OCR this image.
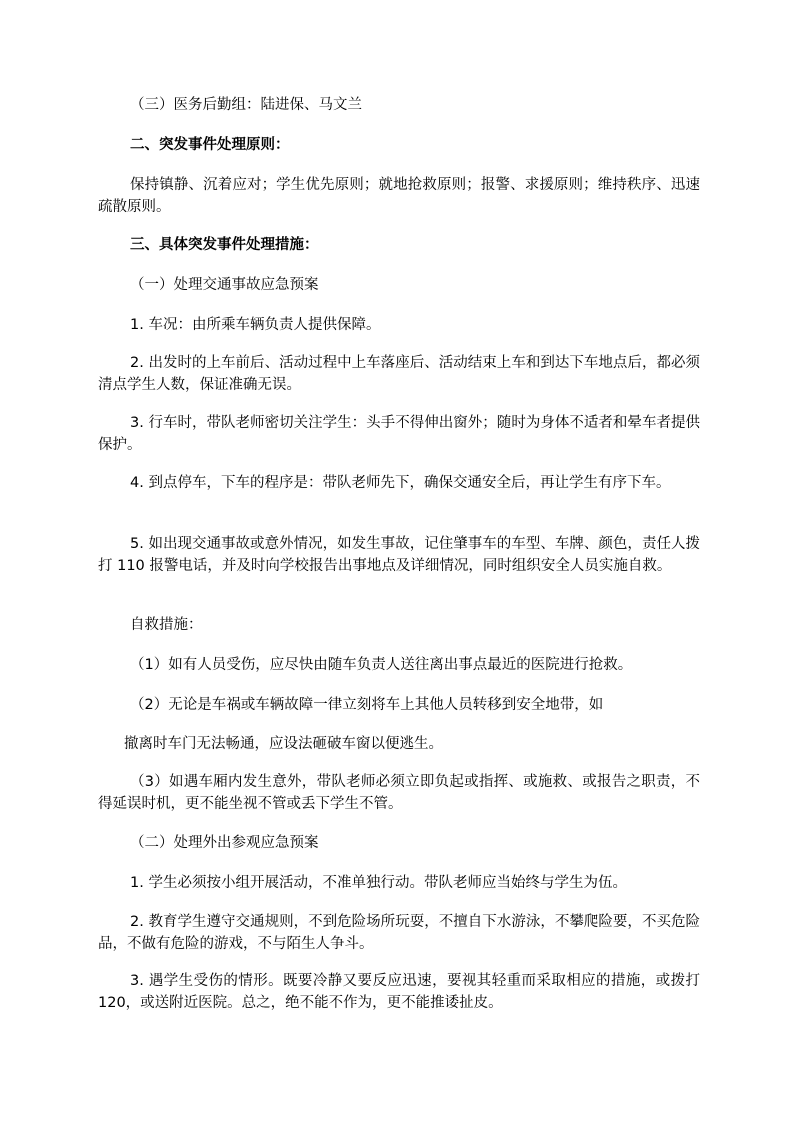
（三）医务后勤组：陆进保、马文兰

二、突发事件处理原则：

保持镇静、沉着应对；学生优先原则；就地抢救原则；报警、求援原则；维持秩序、迅速疏散原则。

三、具体突发事件处理措施：

（一）处理交通事故应急预案

1. 车况：由所乘车辆负责人提供保障。

2. 出发时的上车前后、活动过程中上车落座后、活动结束上车和到达下车地点后，都必须清点学生人数，保证准确无误。

3. 行车时，带队老师密切关注学生：头手不得伸出窗外；随时为身体不适者和晕车者提供保护。

4. 到点停车，下车的程序是：带队老师先下，确保交通安全后，再让学生有序下车。

5. 如出现交通事故或意外情况，如发生事故，记住肇事车的车型、车牌、颜色，责任人拨打 110 报警电话，并及时向学校报告出事地点及详细情况，同时组织安全人员实施自救。

自救措施：

（1）如有人员受伤，应尽快由随车负责人送往离出事点最近的医院进行抢救。

（2）无论是车祸或车辆故障一律立刻将车上其他人员转移到安全地带，如

撤离时车门无法畅通，应设法砸破车窗以便逃生。

（3）如遇车厢内发生意外，带队老师必须立即负起或指挥、或施救、或报告之职责，不得延误时机，更不能坐视不管或丢下学生不管。

（二）处理外出参观应急预案

1. 学生必须按小组开展活动，不准单独行动。带队老师应当始终与学生为伍。

2. 教育学生遵守交通规则，不到危险场所玩耍，不擅自下水游泳，不攀爬险要，不买危险品，不做有危险的游戏，不与陌生人争斗。

3. 遇学生受伤的情形。既要冷静又要反应迅速，要视其轻重而采取相应的措施，或拨打 120，或送附近医院。总之，绝不能不作为，更不能推诿扯皮。
